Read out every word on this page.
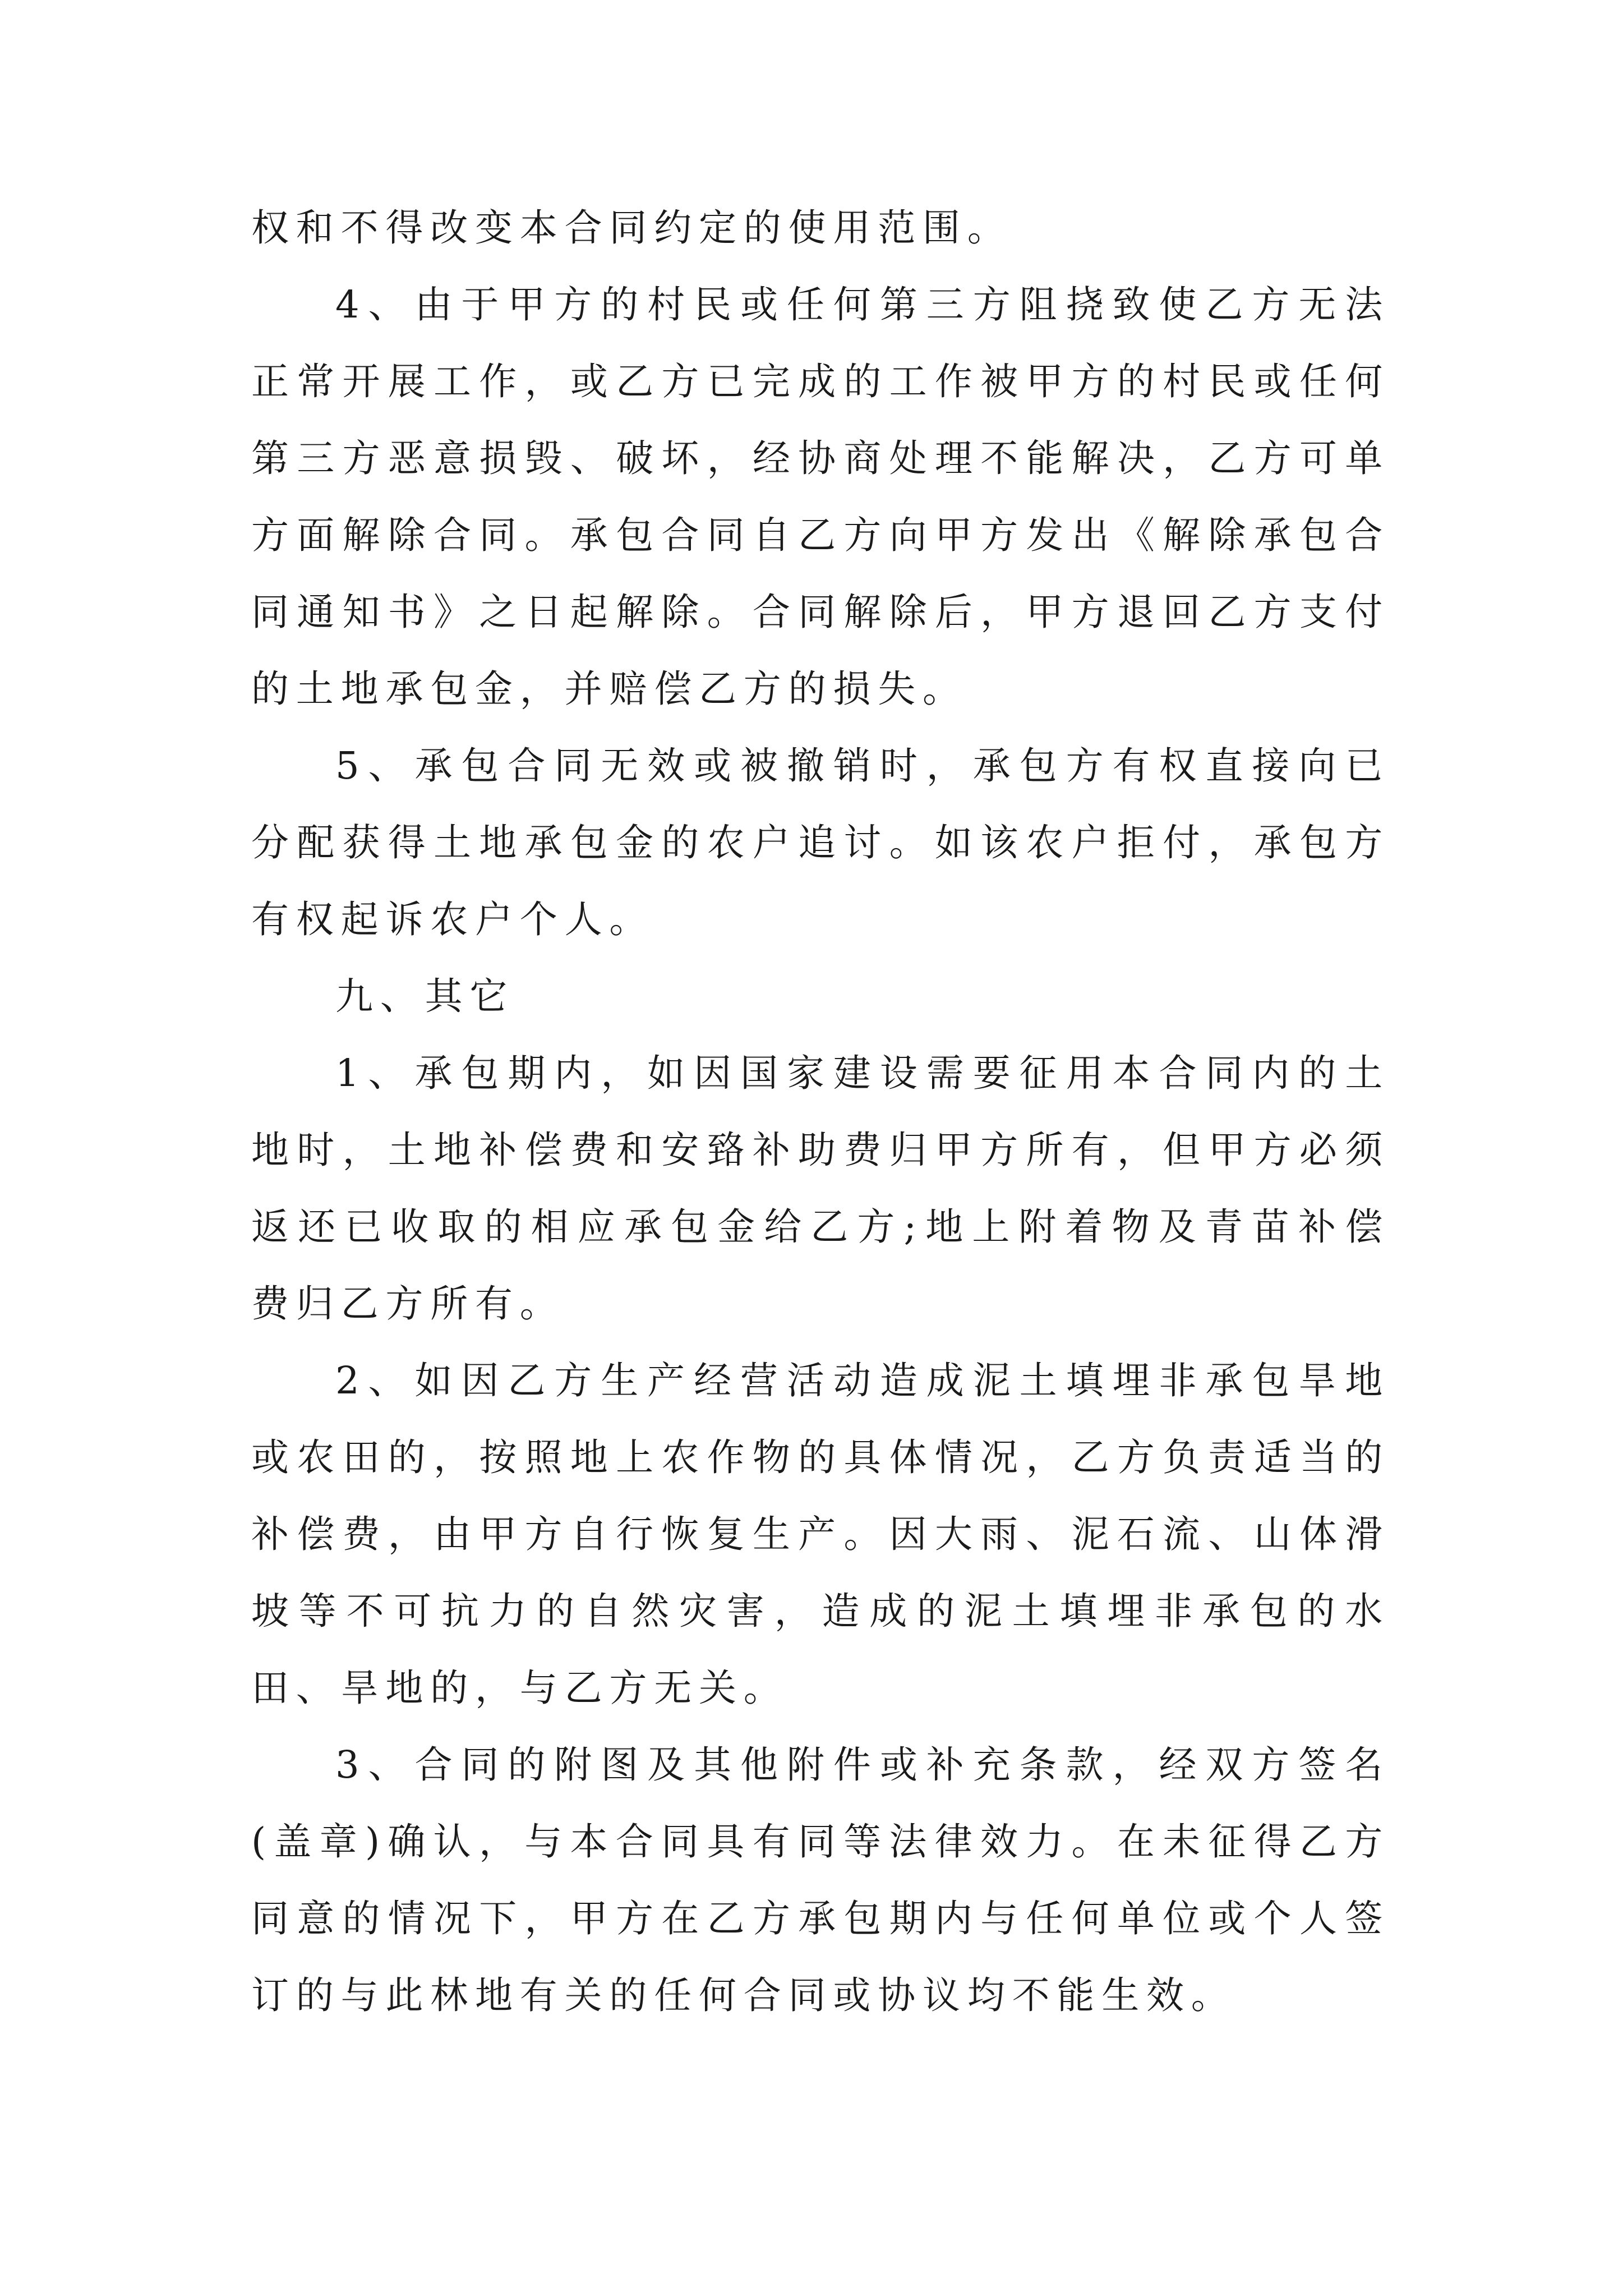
权和不得改变本合同约定的使用范围。

4、由于甲方的村民或任何第三方阻挠致使乙方无法正常开展工作，或乙方已完成的工作被甲方的村民或任何第三方恶意损毁、破坏，经协商处理不能解决，乙方可单方面解除合同。承包合同自乙方向甲方发出《解除承包合同通知书》之日起解除。合同解除后，甲方退回乙方支付的土地承包金，并赔偿乙方的损失。

5、承包合同无效或被撤销时，承包方有权直接向已分配获得土地承包金的农户追讨。如该农户拒付，承包方有权起诉农户个人。

九、其它

1、承包期内，如因国家建设需要征用本合同内的土地时，土地补偿费和安臵补助费归甲方所有，但甲方必须返还已收取的相应承包金给乙方;地上附着物及青苗补偿费归乙方所有。

2、如因乙方生产经营活动造成泥土填埋非承包旱地或农田的，按照地上农作物的具体情况，乙方负责适当的补偿费，由甲方自行恢复生产。因大雨、泥石流、山体滑坡等不可抗力的自然灾害，造成的泥土填埋非承包的水田、旱地的，与乙方无关。

3、合同的附图及其他附件或补充条款，经双方签名(盖章)确认，与本合同具有同等法律效力。在未征得乙方同意的情况下，甲方在乙方承包期内与任何单位或个人签订的与此林地有关的任何合同或协议均不能生效。
